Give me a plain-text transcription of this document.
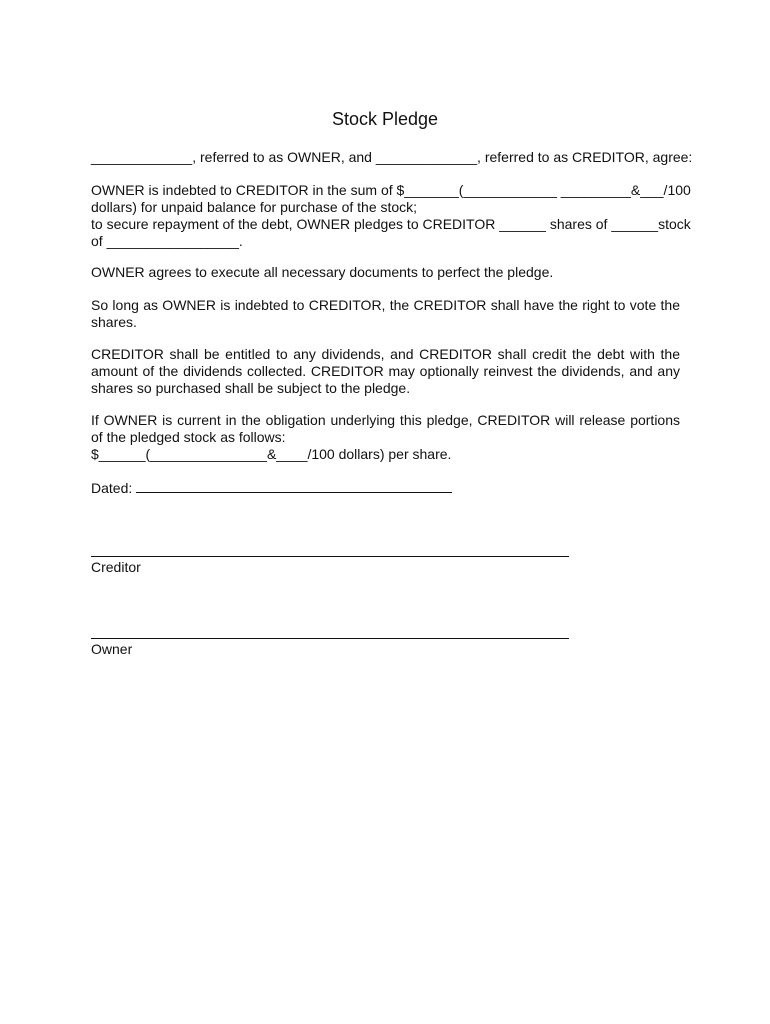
Stock Pledge

_____________, referred to as OWNER, and _____________, referred to as CREDITOR, agree:

OWNER is indebted to CREDITOR in the sum of $_______(____________ _________&___/100
dollars) for unpaid balance for purchase of the stock;
to secure repayment of the debt, OWNER pledges to CREDITOR ______ shares of ______ stock
of _________________.

OWNER agrees to execute all necessary documents to perfect the pledge.

So long as OWNER is indebted to CREDITOR, the CREDITOR shall have the right to vote the shares.

CREDITOR shall be entitled to any dividends, and CREDITOR shall credit the debt with the amount of the dividends collected. CREDITOR may optionally reinvest the dividends, and any shares so purchased shall be subject to the pledge.

If OWNER is current in the obligation underlying this pledge, CREDITOR will release portions of the pledged stock as follows:
$______(_______________&____/100 dollars) per share.
Dated:
Creditor
Owner
